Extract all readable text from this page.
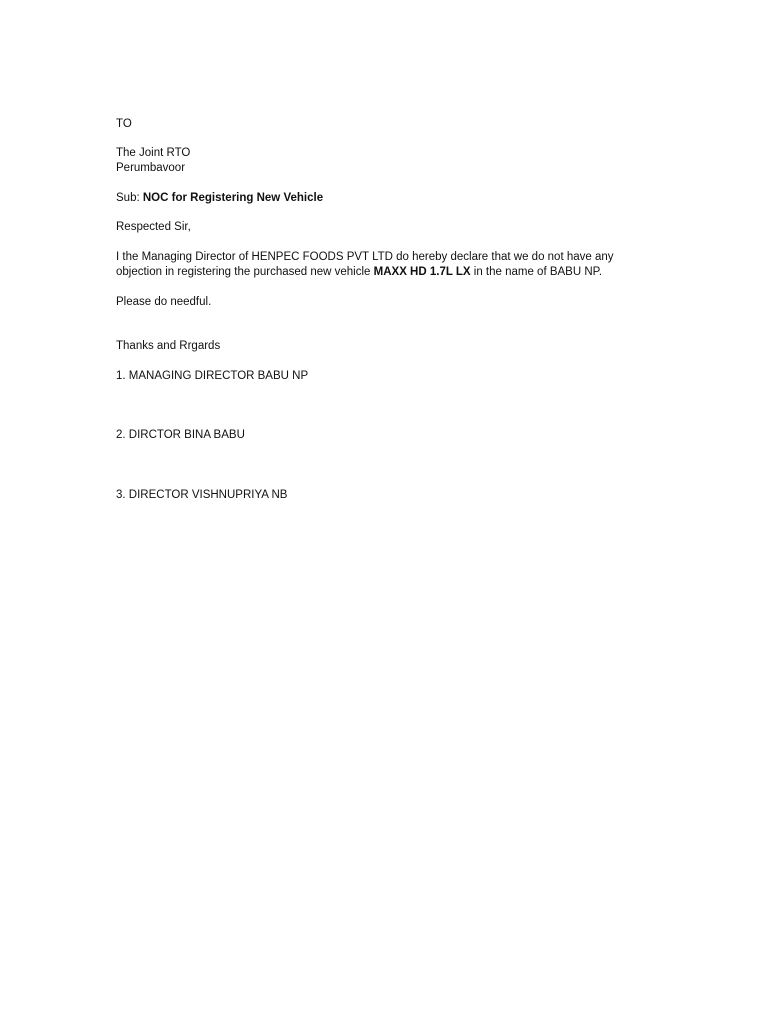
TO
The Joint RTO
Perumbavoor
Sub: NOC for Registering New Vehicle
Respected Sir,
I the Managing Director of HENPEC FOODS PVT LTD do hereby declare that we do not have any
objection in registering the purchased new vehicle MAXX HD 1.7L LX in the name of BABU NP.
Please do needful.
Thanks and Rrgards
1. MANAGING DIRECTOR BABU NP
2. DIRCTOR BINA BABU
3. DIRECTOR VISHNUPRIYA NB
